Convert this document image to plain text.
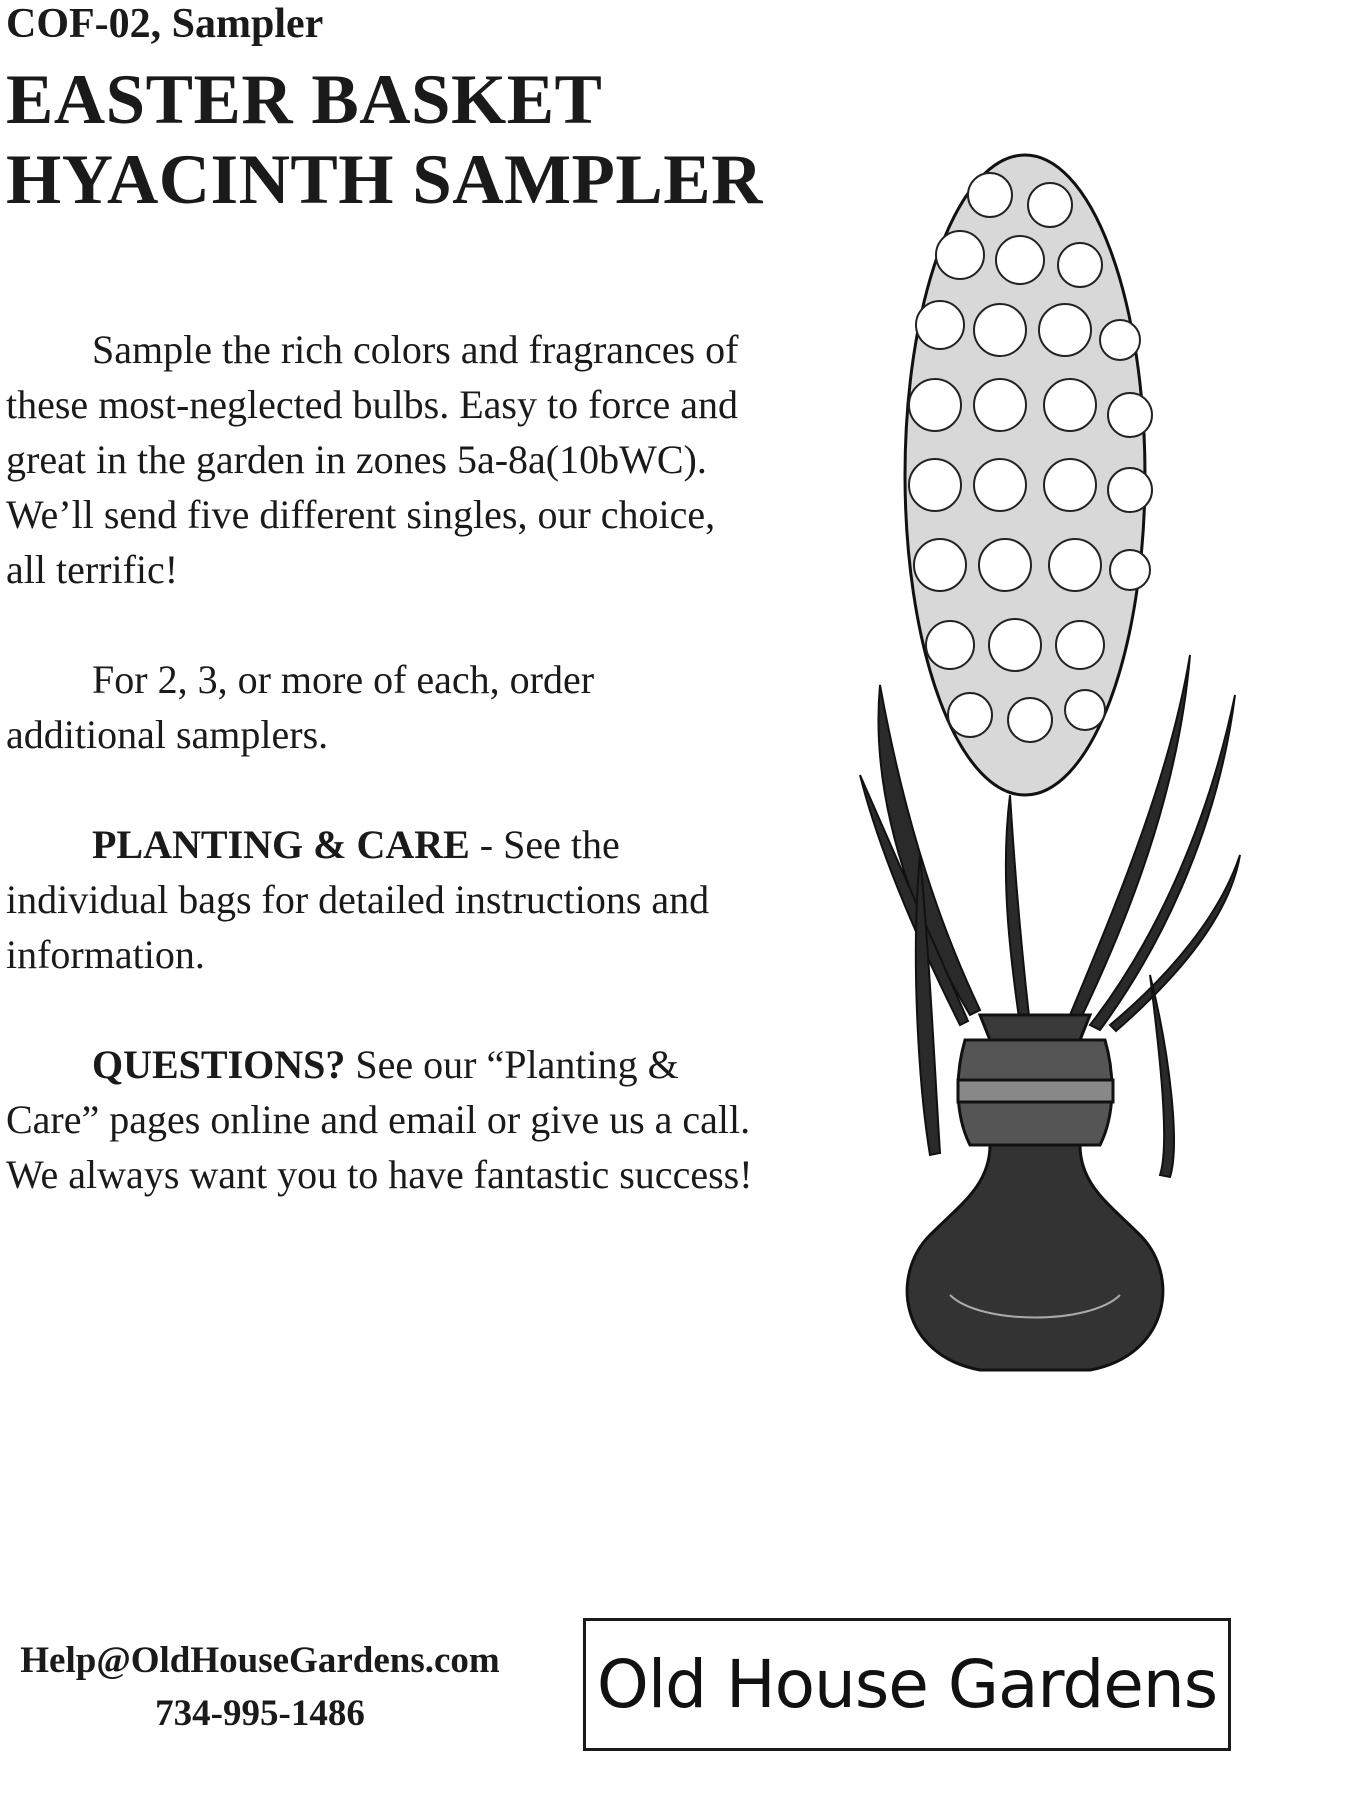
COF-02, Sampler
EASTER BASKET
HYACINTH SAMPLER

Sample the rich colors and fragrances of these most-neglected bulbs. Easy to force and great in the garden in zones 5a-8a(10bWC). We’ll send five different singles, our choice, all terrific!

For 2, 3, or more of each, order additional samplers.

PLANTING & CARE - See the individual bags for detailed instructions and information.

QUESTIONS? See our “Planting & Care” pages online and email or give us a call. We always want you to have fantastic success!

Help@OldHouseGardens.com
734-995-1486	Old House Gardens
